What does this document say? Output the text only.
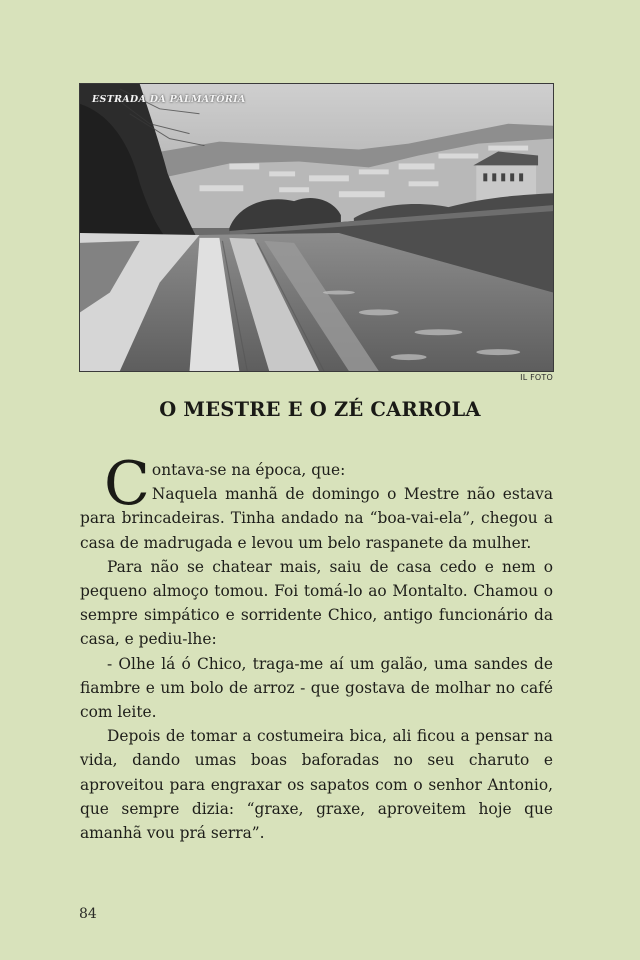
ESTRADA DA PALMATÓRIA
IL FOTO
O MESTRE E O ZÉ CARROLA

C ontava-se na época, que:
Naquela manhã de domingo o Mestre não estava para brincadeiras. Tinha andado na “boa-vai-ela”, chegou a casa de madrugada e levou um belo raspanete da mulher.

Para não se chatear mais, saiu de casa cedo e nem o pequeno almoço tomou. Foi tomá-lo ao Montalto. Chamou o sempre simpático e sorridente Chico, antigo funcionário da casa, e pediu-lhe:

- Olhe lá ó Chico, traga-me aí um galão, uma sandes de fiambre e um bolo de arroz - que gostava de molhar no café com leite.

Depois de tomar a costumeira bica, ali ficou a pensar na vida, dando umas boas baforadas no seu charuto e aproveitou para engraxar os sapatos com o senhor Antonio, que sempre dizia: “graxe, graxe, aproveitem hoje que amanhã vou prá serra”.

84
